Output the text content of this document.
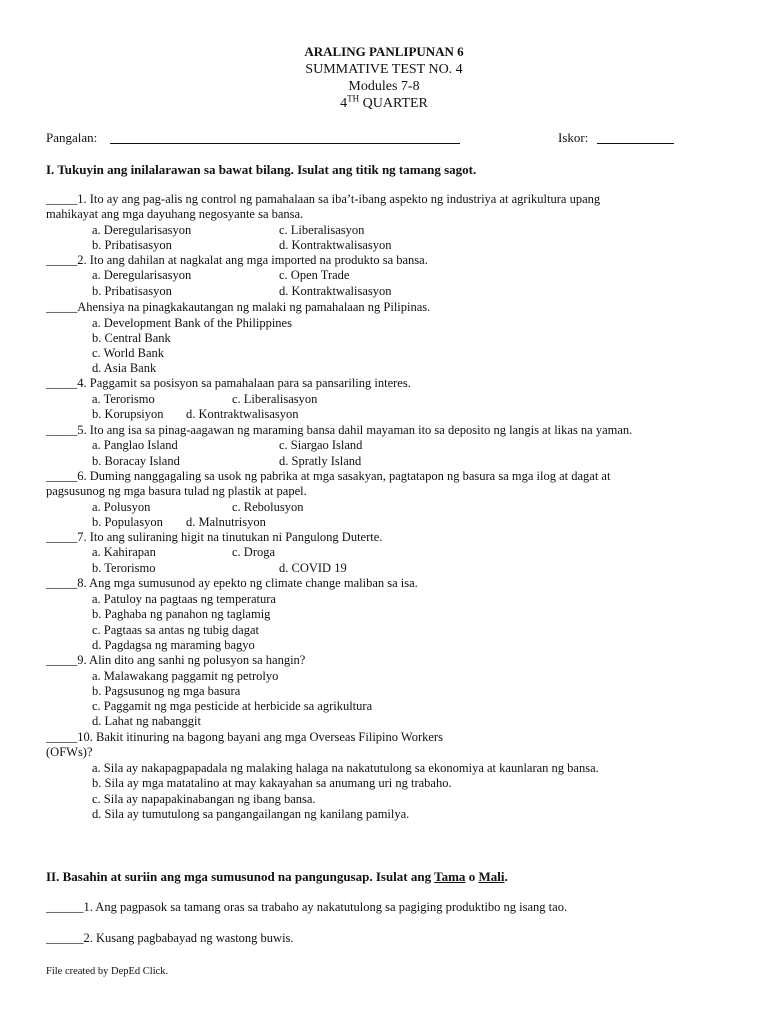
ARALING PANLIPUNAN 6
SUMMATIVE TEST NO. 4
Modules 7-8
4TH QUARTER
Pangalan:	Iskor:
I. Tukuyin ang inilalarawan sa bawat bilang. Isulat ang titik ng tamang sagot.
_____1. Ito ay ang pag-alis ng control ng pamahalaan sa iba’t-ibang aspekto ng industriya at agrikultura upang
mahikayat ang mga dayuhang negosyante sa bansa.
a. Deregularisasyon	c. Liberalisasyon
b. Pribatisasyon	d. Kontraktwalisasyon
_____2. Ito ang dahilan at nagkalat ang mga imported na produkto sa bansa.
a. Deregularisasyon	c. Open Trade
b. Pribatisasyon	d. Kontraktwalisasyon
_____Ahensiya na pinagkakautangan ng malaki ng pamahalaan ng Pilipinas.
a. Development Bank of the Philippines
b. Central Bank
c. World Bank
d. Asia Bank
_____4. Paggamit sa posisyon sa pamahalaan para sa pansariling interes.
a. Terorismo	c. Liberalisasyon
b. Korupsiyon d. Kontraktwalisasyon
_____5. Ito ang isa sa pinag-aagawan ng maraming bansa dahil mayaman ito sa deposito ng langis at likas na yaman.
a. Panglao Island	c. Siargao Island
b. Boracay Island	d. Spratly Island
_____6. Duming nanggagaling sa usok ng pabrika at mga sasakyan, pagtatapon ng basura sa mga ilog at dagat at
pagsusunog ng mga basura tulad ng plastik at papel.
a. Polusyon	c. Rebolusyon
b. Populasyon d. Malnutrisyon
_____7. Ito ang suliraning higit na tinutukan ni Pangulong Duterte.
a. Kahirapan	c. Droga
b. Terorismo	d. COVID 19
_____8. Ang mga sumusunod ay epekto ng climate change maliban sa isa.
a. Patuloy na pagtaas ng temperatura
b. Paghaba ng panahon ng taglamig
c. Pagtaas sa antas ng tubig dagat
d. Pagdagsa ng maraming bagyo
_____9. Alin dito ang sanhi ng polusyon sa hangin?
a. Malawakang paggamit ng petrolyo
b. Pagsusunog ng mga basura
c. Paggamit ng mga pesticide at herbicide sa agrikultura
d. Lahat ng nabanggit
_____10. Bakit itinuring na bagong bayani ang mga Overseas Filipino Workers
(OFWs)?
a. Sila ay nakapagpapadala ng malaking halaga na nakatutulong sa ekonomiya at kaunlaran ng bansa.
b. Sila ay mga matatalino at may kakayahan sa anumang uri ng trabaho.
c. Sila ay napapakinabangan ng ibang bansa.
d. Sila ay tumutulong sa pangangailangan ng kanilang pamilya.
II. Basahin at suriin ang mga sumusunod na pangungusap. Isulat ang Tama o Mali.
______1. Ang pagpasok sa tamang oras sa trabaho ay nakatutulong sa pagiging produktibo ng isang tao.
______2. Kusang pagbabayad ng wastong buwis.
File created by DepEd Click.
